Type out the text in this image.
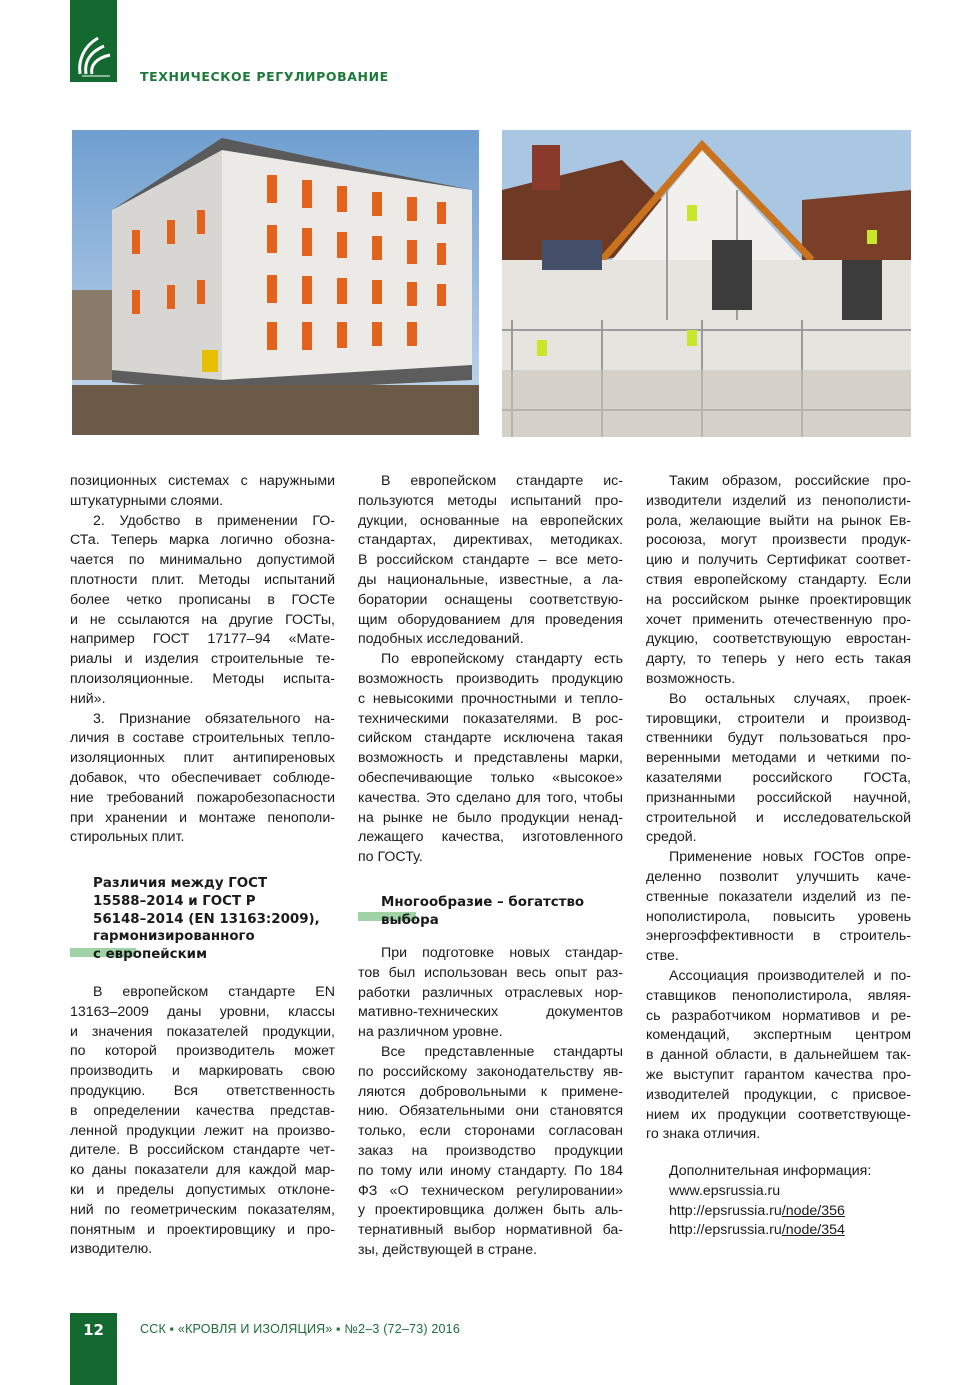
ТЕХНИЧЕСКОЕ РЕГУЛИРОВАНИЕ
позиционных системах с наружными
штукатурными слоями.
2. Удобство в применении ГО-
СТа. Теперь марка логично обозна-
чается по минимально допустимой
плотности плит. Методы испытаний
более четко прописаны в ГОСТе
и не ссылаются на другие ГОСТы,
например ГОСТ 17177–94 «Мате-
риалы и изделия строительные те-
плоизоляционные. Методы испыта-
ний».
3. Признание обязательного на-
личия в составе строительных тепло-
изоляционных плит антипиреновых
добавок, что обеспечивает соблюде-
ние требований пожаробезопасности
при хранении и монтаже пенополи-
стирольных плит.
В европейском стандарте EN
13163–2009 даны уровни, классы
и значения показателей продукции,
по которой производитель может
производить и маркировать свою
продукцию. Вся ответственность
в определении качества представ-
ленной продукции лежит на произво-
дителе. В российском стандарте чет-
ко даны показатели для каждой мар-
ки и пределы допустимых отклоне-
ний по геометрическим показателям,
понятным и проектировщику и про-
изводителю.
В европейском стандарте ис-
пользуются методы испытаний про-
дукции, основанные на европейских
стандартах, директивах, методиках.
В российском стандарте – все мето-
ды национальные, известные, а ла-
боратории оснащены соответствую-
щим оборудованием для проведения
подобных исследований.
По европейскому стандарту есть
возможность производить продукцию
с невысокими прочностными и тепло-
техническими показателями. В рос-
сийском стандарте исключена такая
возможность и представлены марки,
обеспечивающие только «высокое»
качества. Это сделано для того, чтобы
на рынке не было продукции ненад-
лежащего качества, изготовленного
по ГОСТу.
При подготовке новых стандар-
тов был использован весь опыт раз-
работки различных отраслевых нор-
мативно-технических документов
на различном уровне.
Все представленные стандарты
по российскому законодательству яв-
ляются добровольными к примене-
нию. Обязательными они становятся
только, если сторонами согласован
заказ на производство продукции
по тому или иному стандарту. По 184
ФЗ «О техническом регулировании»
у проектировщика должен быть аль-
тернативный выбор нормативной ба-
зы, действующей в стране.
Таким образом, российские про-
изводители изделий из пенополисти-
рола, желающие выйти на рынок Ев-
росоюза, могут произвести продук-
цию и получить Сертификат соответ-
ствия европейскому стандарту. Если
на российском рынке проектировщик
хочет применить отечественную про-
дукцию, соответствующую евростан-
дарту, то теперь у него есть такая
возможность.
Во остальных случаях, проек-
тировщики, строители и производ-
ственники будут пользоваться про-
веренными методами и четкими по-
казателями российского ГОСТа,
признанными российской научной,
строительной и исследовательской
средой.
Применение новых ГОСТов опре-
деленно позволит улучшить каче-
ственные показатели изделий из пе-
нополистирола, повысить уровень
энергоэффективности в строитель-
стве.
Ассоциация производителей и по-
ставщиков пенополистирола, являя-
сь разработчиком нормативов и ре-
комендаций, экспертным центром
в данной области, в дальнейшем так-
же выступит гарантом качества про-
изводителей продукции, с присвое-
нием их продукции соответствующе-
го знака отличия.
Различия между ГОСТ
15588–2014 и ГОСТ Р
56148–2014 (EN 13163:2009),
гармонизированного
с европейским
Многообразие – богатство
выбора
Дополнительная информация:
www.epsrussia.ru
http://epsrussia.ru/node/356
http://epsrussia.ru/node/354
12	ССК ▪ «КРОВЛЯ И ИЗОЛЯЦИЯ» ▪ №2–3 (72–73) 2016
